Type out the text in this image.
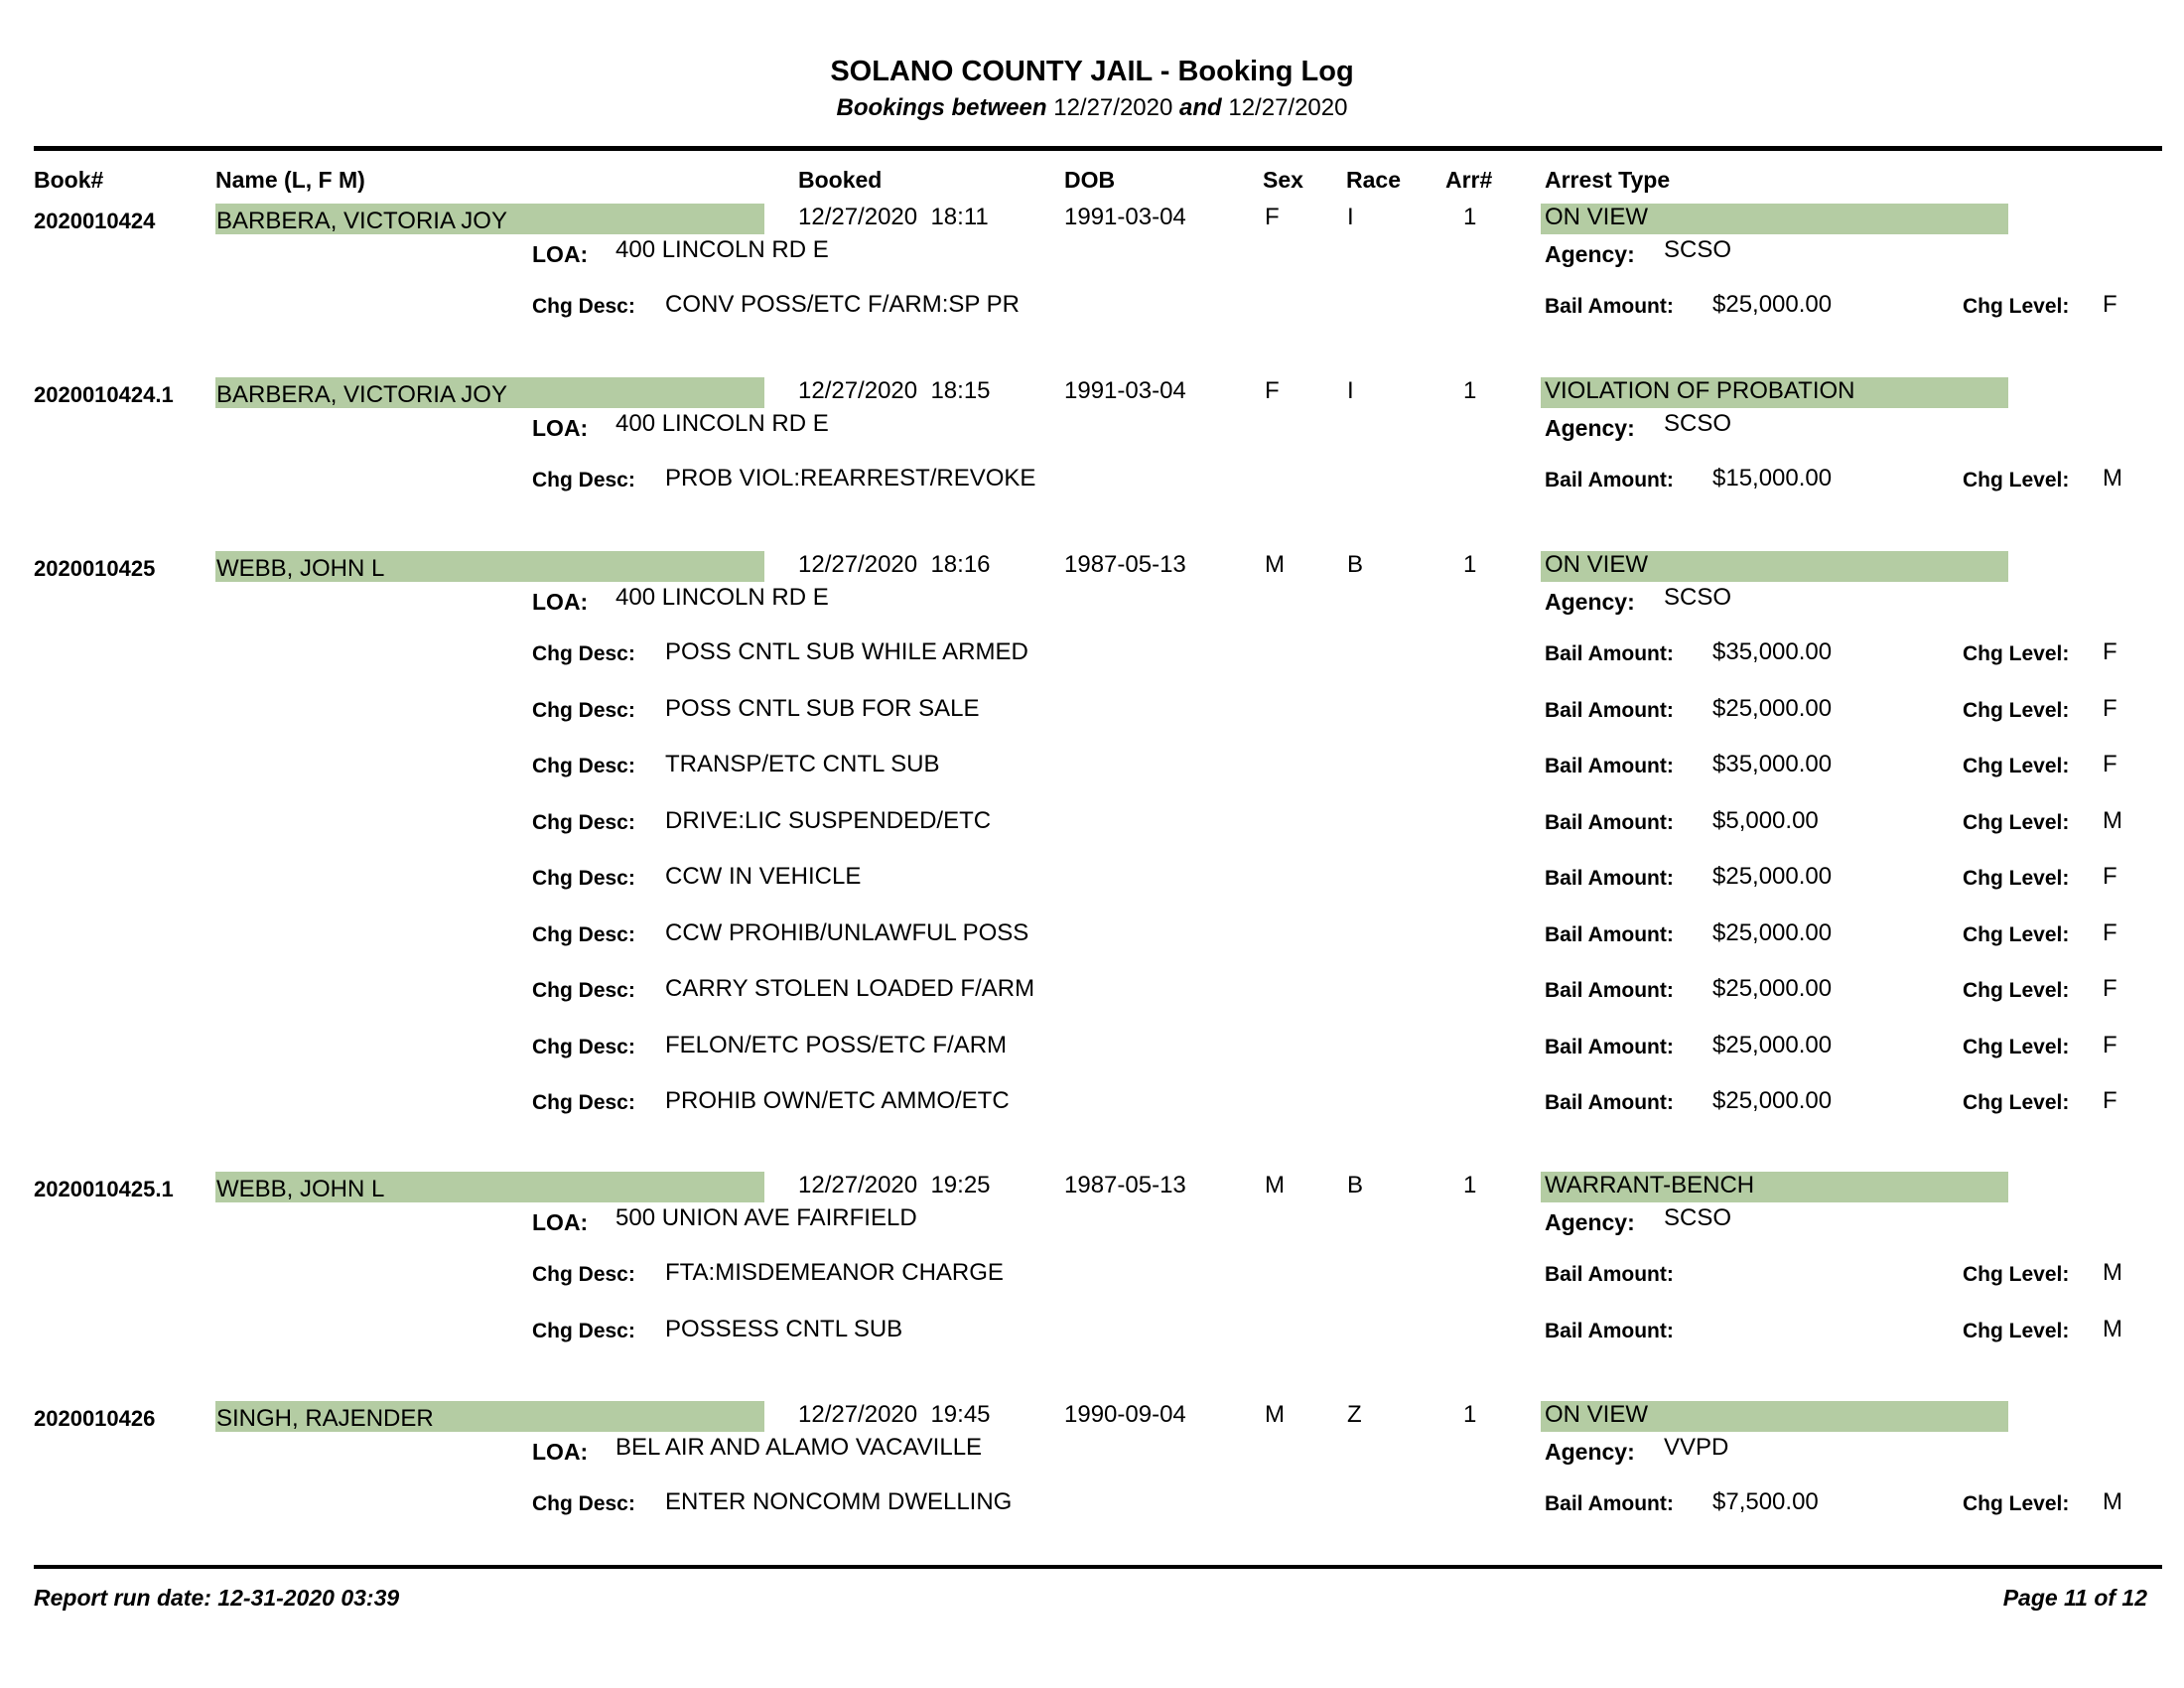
SOLANO COUNTY JAIL - Booking Log
Bookings between 12/27/2020 and 12/27/2020
Book#	Name (L, F M)	Booked	DOB	Sex Race Arr# Arrest Type
2020010424	BARBERA, VICTORIA JOY	12/27/2020  18:11	1991-03-04	F	I	1	ON VIEW
LOA: 400 LINCOLN RD E	Agency: SCSO
Chg Desc: CONV POSS/ETC F/ARM:SP PR	Bail Amount: $25,000.00	Chg Level: F
2020010424.1 BARBERA, VICTORIA JOY	12/27/2020  18:15	1991-03-04	F	I	1	VIOLATION OF PROBATION
LOA: 400 LINCOLN RD E	Agency: SCSO
Chg Desc: PROB VIOL:REARREST/REVOKE	Bail Amount: $15,000.00	Chg Level: M
2020010425	WEBB, JOHN L	12/27/2020  18:16	1987-05-13	M	B	1	ON VIEW
LOA: 400 LINCOLN RD E	Agency: SCSO
Chg Desc: POSS CNTL SUB WHILE ARMED	Bail Amount: $35,000.00	Chg Level: F
Chg Desc: POSS CNTL SUB FOR SALE	Bail Amount: $25,000.00	Chg Level: F
Chg Desc: TRANSP/ETC CNTL SUB	Bail Amount: $35,000.00	Chg Level: F
Chg Desc: DRIVE:LIC SUSPENDED/ETC	Bail Amount: $5,000.00	Chg Level: M
Chg Desc: CCW IN VEHICLE	Bail Amount: $25,000.00	Chg Level: F
Chg Desc: CCW PROHIB/UNLAWFUL POSS	Bail Amount: $25,000.00	Chg Level: F
Chg Desc: CARRY STOLEN LOADED F/ARM	Bail Amount: $25,000.00	Chg Level: F
Chg Desc: FELON/ETC POSS/ETC F/ARM	Bail Amount: $25,000.00	Chg Level: F
Chg Desc: PROHIB OWN/ETC AMMO/ETC	Bail Amount: $25,000.00	Chg Level: F
2020010425.1 WEBB, JOHN L	12/27/2020  19:25	1987-05-13	M	B	1	WARRANT-BENCH
LOA: 500 UNION AVE FAIRFIELD	Agency: SCSO
Chg Desc: FTA:MISDEMEANOR CHARGE	Bail Amount:	Chg Level: M
Chg Desc: POSSESS CNTL SUB	Bail Amount:	Chg Level: M
2020010426	SINGH, RAJENDER	12/27/2020  19:45	1990-09-04	M	Z	1	ON VIEW
LOA: BEL AIR AND ALAMO VACAVILLE	Agency: VVPD
Chg Desc: ENTER NONCOMM DWELLING	Bail Amount: $7,500.00	Chg Level: M
Report run date: 12-31-2020 03:39	Page 11 of 12
